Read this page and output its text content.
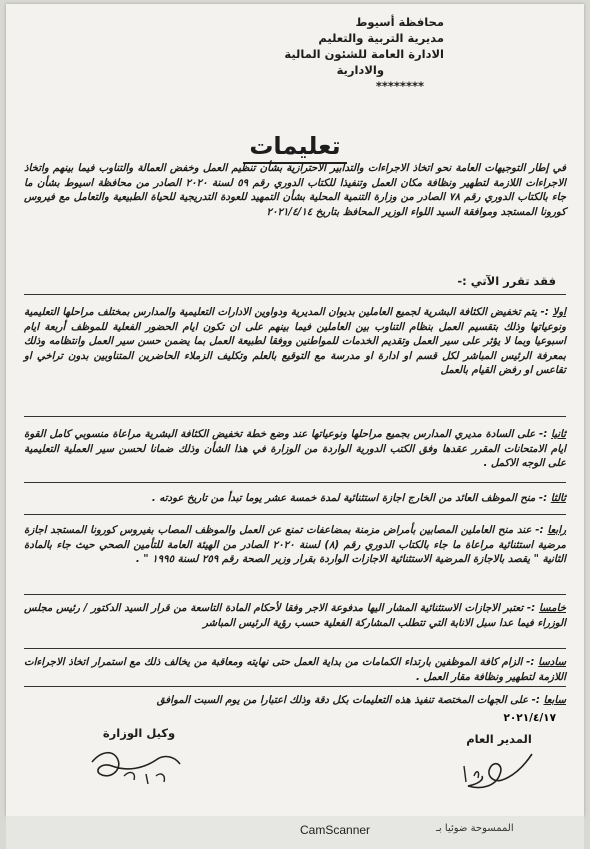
محافظة أسيوط
مديرية التربية والتعليم
الادارة العامة للشئون المالية
والادارية
********
تعليمات
في إطار التوجيهات العامة نحو اتخاذ الاجراءات والتدابير الاحترازية بشأن تنظيم العمل وخفض العمالة والتناوب فيما بينهم واتخاذ الاجراءات اللازمة لتطهير ونظافة مكان العمل وتنفيذا للكتاب الدوري رقم ٥٩ لسنة ٢٠٢٠ الصادر من محافظة اسيوط بشأن ما جاء بالكتاب الدوري رقم ٧٨ الصادر من وزارة التنمية المحلية بشأن التمهيد للعودة التدريجية للحياة الطبيعية والتعامل مع فيروس كورونا المستجد وموافقة السيد اللواء الوزير المحافظ بتاريخ ٢٠٢١/٤/١٤
فقد تقرر الآتي :-
اولا :- يتم تخفيض الكثافة البشرية لجميع العاملين بديوان المديرية ودواوين الادارات التعليمية والمدارس بمختلف مراحلها التعليمية ونوعياتها وذلك بتقسيم العمل بنظام التناوب بين العاملين فيما بينهم على ان تكون ايام الحضور الفعلية للموظف أربعة ايام اسبوعيا وبما لا يؤثر على سير العمل وتقديم الخدمات للمواطنين ووفقا لطبيعة العمل بما يضمن حسن سير العمل وانتظامه وذلك بمعرفة الرئيس المباشر لكل قسم او ادارة او مدرسة مع التوقيع بالعلم وتكليف الزملاء الحاضرين المتناوبين بدون تراخي او تقاعس او رفض القيام بالعمل
ثانيا :- على السادة مديري المدارس بجميع مراحلها ونوعياتها عند وضع خطة تخفيض الكثافة البشرية مراعاة منسوبي كامل القوة ايام الامتحانات المقرر عقدها وفق الكتب الدورية الواردة من الوزارة في هذا الشأن وذلك ضمانا لحسن سير العملية التعليمية على الوجه الاكمل .
ثالثا :- منح الموظف العائد من الخارج اجازة استثنائية لمدة خمسة عشر يوما تبدأ من تاريخ عودته .
رابعا :- عند منح العاملين المصابين بأمراض مزمنة بمضاعفات تمنع عن العمل والموظف المصاب بفيروس كورونا المستجد اجازة مرضية استثنائية مراعاة ما جاء بالكتاب الدوري رقم (٨) لسنة ٢٠٢٠ الصادر من الهيئة العامة للتأمين الصحي حيث جاء بالمادة الثانية " يقصد بالاجازة المرضية الاستثنائية الاجازات الواردة بقرار وزير الصحة رقم ٢٥٩ لسنة ١٩٩٥ " .
خامسا :- تعتبر الاجازات الاستثنائية المشار اليها مدفوعة الاجر وفقا لأحكام المادة التاسعة من قرار السيد الدكتور / رئيس مجلس الوزراء فيما عدا سبل الانابة التي تتطلب المشاركة الفعلية حسب رؤية الرئيس المباشر
سادسا :- الزام كافة الموظفين بارتداء الكمامات من بداية العمل حتى نهايته ومعاقبة من يخالف ذلك مع استمرار اتخاذ الاجراءات اللازمة لتطهير ونظافة مقار العمل .
سابعا :- على الجهات المختصة تنفيذ هذه التعليمات بكل دقة وذلك اعتبارا من يوم السبت الموافق
٢٠٢١/٤/١٧
المدير العام
وكيل الوزارة
CamScanner	الممسوحة ضوئيا بـ
